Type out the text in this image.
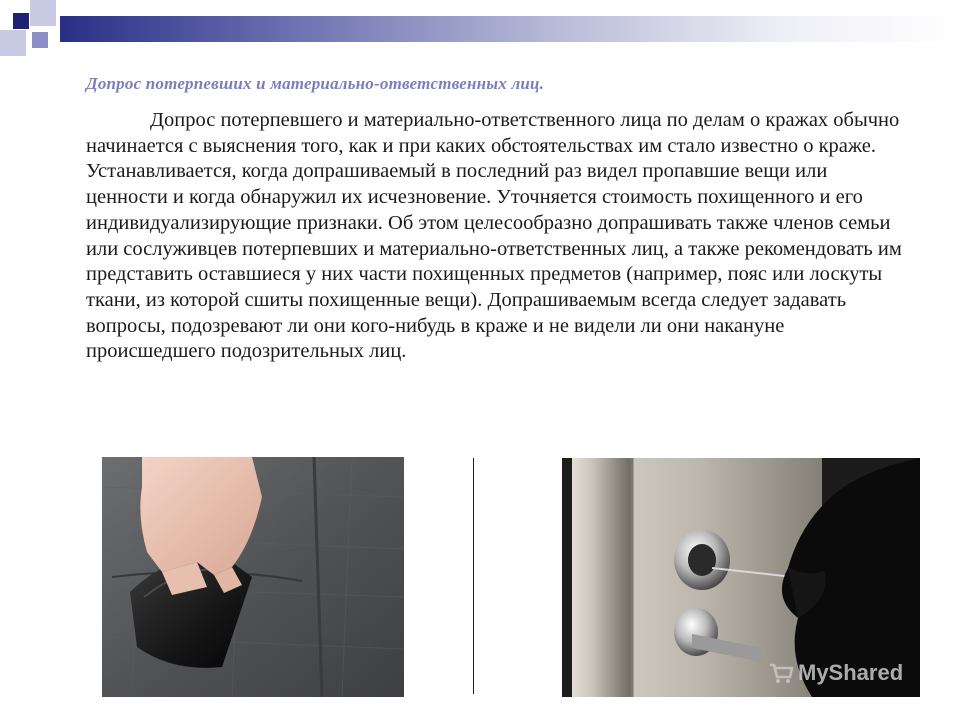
Допрос потерпевших и материально-ответственных лиц.
Допрос потерпевшего и материально-ответственного лица по делам о кражах обычно начинается с выяснения того, как и при каких обстоятельствах им стало известно о краже. Устанавливается, когда допрашиваемый в последний раз видел пропавшие вещи или ценности и когда обнаружил их исчезновение. Уточняется стоимость похищенного и его индивидуализирующие признаки. Об этом целесообразно допрашивать также членов семьи или сослуживцев потерпевших и материально-ответственных лиц, а также рекомендовать им представить оставшиеся у них части похищенных предметов (например, пояс или лоскуты ткани, из которой сшиты похищенные вещи). Допрашиваемым всегда следует задавать вопросы, подозревают ли они кого-нибудь в краже и не видели ли они накануне происшедшего подозрительных лиц.
MyShared
